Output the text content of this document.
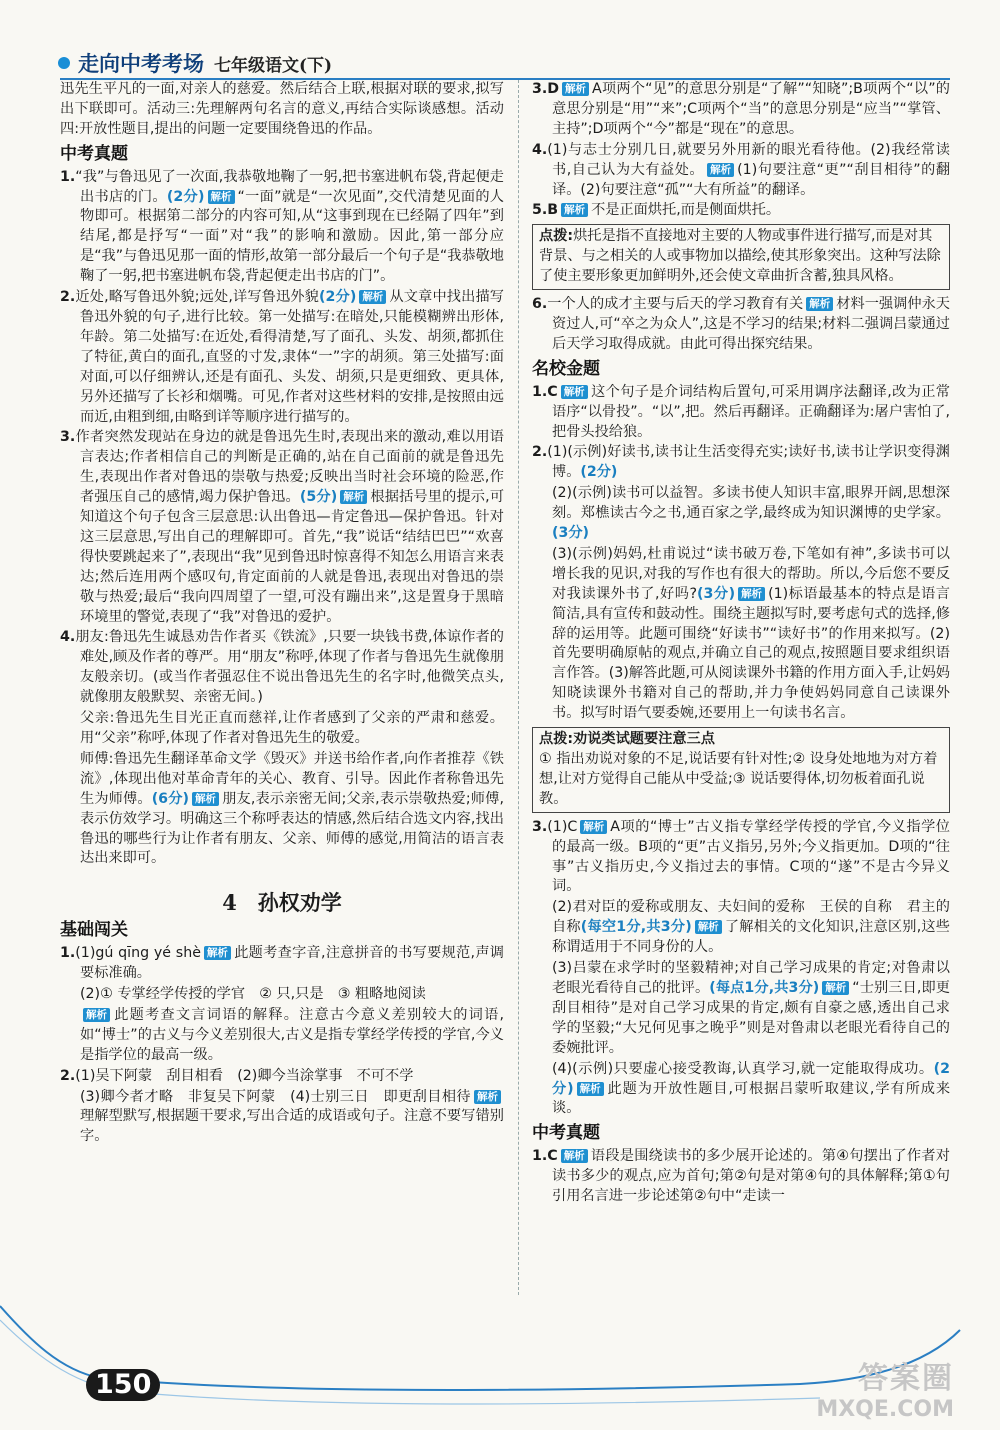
走向中考考场 七年级语文(下)

迅先生平凡的一面,对亲人的慈爱。然后结合上联,根据对联的要求,拟写出下联即可。活动三:先理解两句名言的意义,再结合实际谈感想。活动四:开放性题目,提出的问题一定要围绕鲁迅的作品。

中考真题

1.“我”与鲁迅见了一次面,我恭敬地鞠了一躬,把书塞进帆布袋,背起便走出书店的门。(2分) 解析 “一面”就是“一次见面”,交代清楚见面的人物即可。根据第二部分的内容可知,从“这事到现在已经隔了四年”到结尾,都是抒写“一面”对“我”的影响和激励。因此,第一部分应是“我”与鲁迅见那一面的情形,故第一部分最后一个句子是“我恭敬地鞠了一躬,把书塞进帆布袋,背起便走出书店的门”。

2.近处,略写鲁迅外貌;远处,详写鲁迅外貌(2分) 解析 从文章中找出描写鲁迅外貌的句子,进行比较。第一处描写:在暗处,只能模糊辨出形体,年龄。第二处描写:在近处,看得清楚,写了面孔、头发、胡须,都抓住了特征,黄白的面孔,直竖的寸发,隶体“一”字的胡须。第三处描写:面对面,可以仔细辨认,还是有面孔、头发、胡须,只是更细致、更具体,另外还描写了长衫和烟嘴。可见,作者对这些材料的安排,是按照由远而近,由粗到细,由略到详等顺序进行描写的。

3.作者突然发现站在身边的就是鲁迅先生时,表现出来的激动,难以用语言表达;作者相信自己的判断是正确的,站在自己面前的就是鲁迅先生,表现出作者对鲁迅的崇敬与热爱;反映出当时社会环境的险恶,作者强压自己的感情,竭力保护鲁迅。(5分) 解析 根据括号里的提示,可知道这个句子包含三层意思:认出鲁迅—肯定鲁迅—保护鲁迅。针对这三层意思,写出自己的理解即可。首先,“我”说话“结结巴巴”“欢喜得快要跳起来了”,表现出“我”见到鲁迅时惊喜得不知怎么用语言来表达;然后连用两个感叹句,肯定面前的人就是鲁迅,表现出对鲁迅的崇敬与热爱;最后“我向四周望了一望,可没有蹦出来”,这是置身于黑暗环境里的警觉,表现了“我”对鲁迅的爱护。

4.朋友:鲁迅先生诚恳劝告作者买《铁流》,只要一块钱书费,体谅作者的难处,顾及作者的尊严。用“朋友”称呼,体现了作者与鲁迅先生就像朋友般亲切。(或当作者强忍住不说出鲁迅先生的名字时,他微笑点头,就像朋友般默契、亲密无间。)

父亲:鲁迅先生目光正直而慈祥,让作者感到了父亲的严肃和慈爱。用“父亲”称呼,体现了作者对鲁迅先生的敬爱。

师傅:鲁迅先生翻译革命文学《毁灭》并送书给作者,向作者推荐《铁流》,体现出他对革命青年的关心、教育、引导。因此作者称鲁迅先生为师傅。(6分) 解析 朋友,表示亲密无间;父亲,表示崇敬热爱;师傅,表示仿效学习。明确这三个称呼表达的情感,然后结合选文内容,找出鲁迅的哪些行为让作者有朋友、父亲、师傅的感觉,用简洁的语言表达出来即可。

4　孙权劝学
基础闯关

1.(1)gú qīng yé shè 解析 此题考查字音,注意拼音的书写要规范,声调要标准确。

(2)① 专掌经学传授的学官　② 只,只是　③ 粗略地阅读

解析 此题考查文言词语的解释。注意古今意义差别较大的词语,如“博士”的古义与今义差别很大,古义是指专掌经学传授的学官,今义是指学位的最高一级。

2.(1)吴下阿蒙　刮目相看　(2)卿今当涂掌事　不可不学

(3)卿今者才略　非复吴下阿蒙　(4)士别三日　即更刮目相待 解析理解型默写,根据题干要求,写出合适的成语或句子。注意不要写错别字。

3.D 解析 A项两个“见”的意思分别是“了解”“知晓”;B项两个“以”的意思分别是“用”“来”;C项两个“当”的意思分别是“应当”“掌管、主持”;D项两个“今”都是“现在”的意思。

4.(1)与志士分别几日,就要另外用新的眼光看待他。(2)我经常读书,自己认为大有益处。 解析 (1)句要注意“更”“刮目相待”的翻译。(2)句要注意“孤”“大有所益”的翻译。

5.B 解析 不是正面烘托,而是侧面烘托。

点拨:烘托是指不直接地对主要的人物或事件进行描写,而是对其背景、与之相关的人或事物加以描绘,使其形象突出。这种写法除了使主要形象更加鲜明外,还会使文章曲折含蓄,独具风格。

6.一个人的成才主要与后天的学习教育有关 解析 材料一强调仲永天资过人,可“卒之为众人”,这是不学习的结果;材料二强调吕蒙通过后天学习取得成就。由此可得出探究结果。

名校金题

1.C 解析 这个句子是介词结构后置句,可采用调序法翻译,改为正常语序“以骨投”。“以”,把。然后再翻译。正确翻译为:屠户害怕了,把骨头投给狼。

2.(1)(示例)好读书,读书让生活变得充实;读好书,读书让学识变得渊博。(2分)

(2)(示例)读书可以益智。多读书使人知识丰富,眼界开阔,思想深刻。郑樵读古今之书,通百家之学,最终成为知识渊博的史学家。(3分)

(3)(示例)妈妈,杜甫说过“读书破万卷,下笔如有神”,多读书可以增长我的见识,对我的写作也有很大的帮助。所以,今后您不要反对我读课外书了,好吗?(3分) 解析 (1)标语最基本的特点是语言简洁,具有宣传和鼓动性。围绕主题拟写时,要考虑句式的选择,修辞的运用等。此题可围绕“好读书”“读好书”的作用来拟写。(2)首先要明确原帖的观点,并确立自己的观点,按照题目要求组织语言作答。(3)解答此题,可从阅读课外书籍的作用方面入手,让妈妈知晓读课外书籍对自己的帮助,并力争使妈妈同意自己读课外书。拟写时语气要委婉,还要用上一句读书名言。

点拨:劝说类试题要注意三点
① 指出劝说对象的不足,说话要有针对性;② 设身处地地为对方着想,让对方觉得自己能从中受益;③ 说话要得体,切勿板着面孔说教。

3.(1)C 解析 A项的“博士”古义指专掌经学传授的学官,今义指学位的最高一级。B项的“更”古义指另,另外;今义指更加。D项的“往事”古义指历史,今义指过去的事情。C项的“遂”不是古今异义词。

(2)君对臣的爱称或朋友、夫妇间的爱称　王侯的自称　君主的自称(每空1分,共3分) 解析 了解相关的文化知识,注意区别,这些称谓适用于不同身份的人。

(3)吕蒙在求学时的坚毅精神;对自己学习成果的肯定;对鲁肃以老眼光看待自己的批评。(每点1分,共3分) 解析 “士别三日,即更刮目相待”是对自己学习成果的肯定,颇有自豪之感,透出自己求学的坚毅;“大兄何见事之晚乎”则是对鲁肃以老眼光看待自己的委婉批评。

(4)(示例)只要虚心接受教诲,认真学习,就一定能取得成功。(2分) 解析 此题为开放性题目,可根据吕蒙听取建议,学有所成来谈。

中考真题

1.C 解析 语段是围绕读书的多少展开论述的。第④句摆出了作者对读书多少的观点,应为首句;第②句是对第④句的具体解释;第①句引用名言进一步论述第②句中“走读一

150	答案圈
MXQE.COM
